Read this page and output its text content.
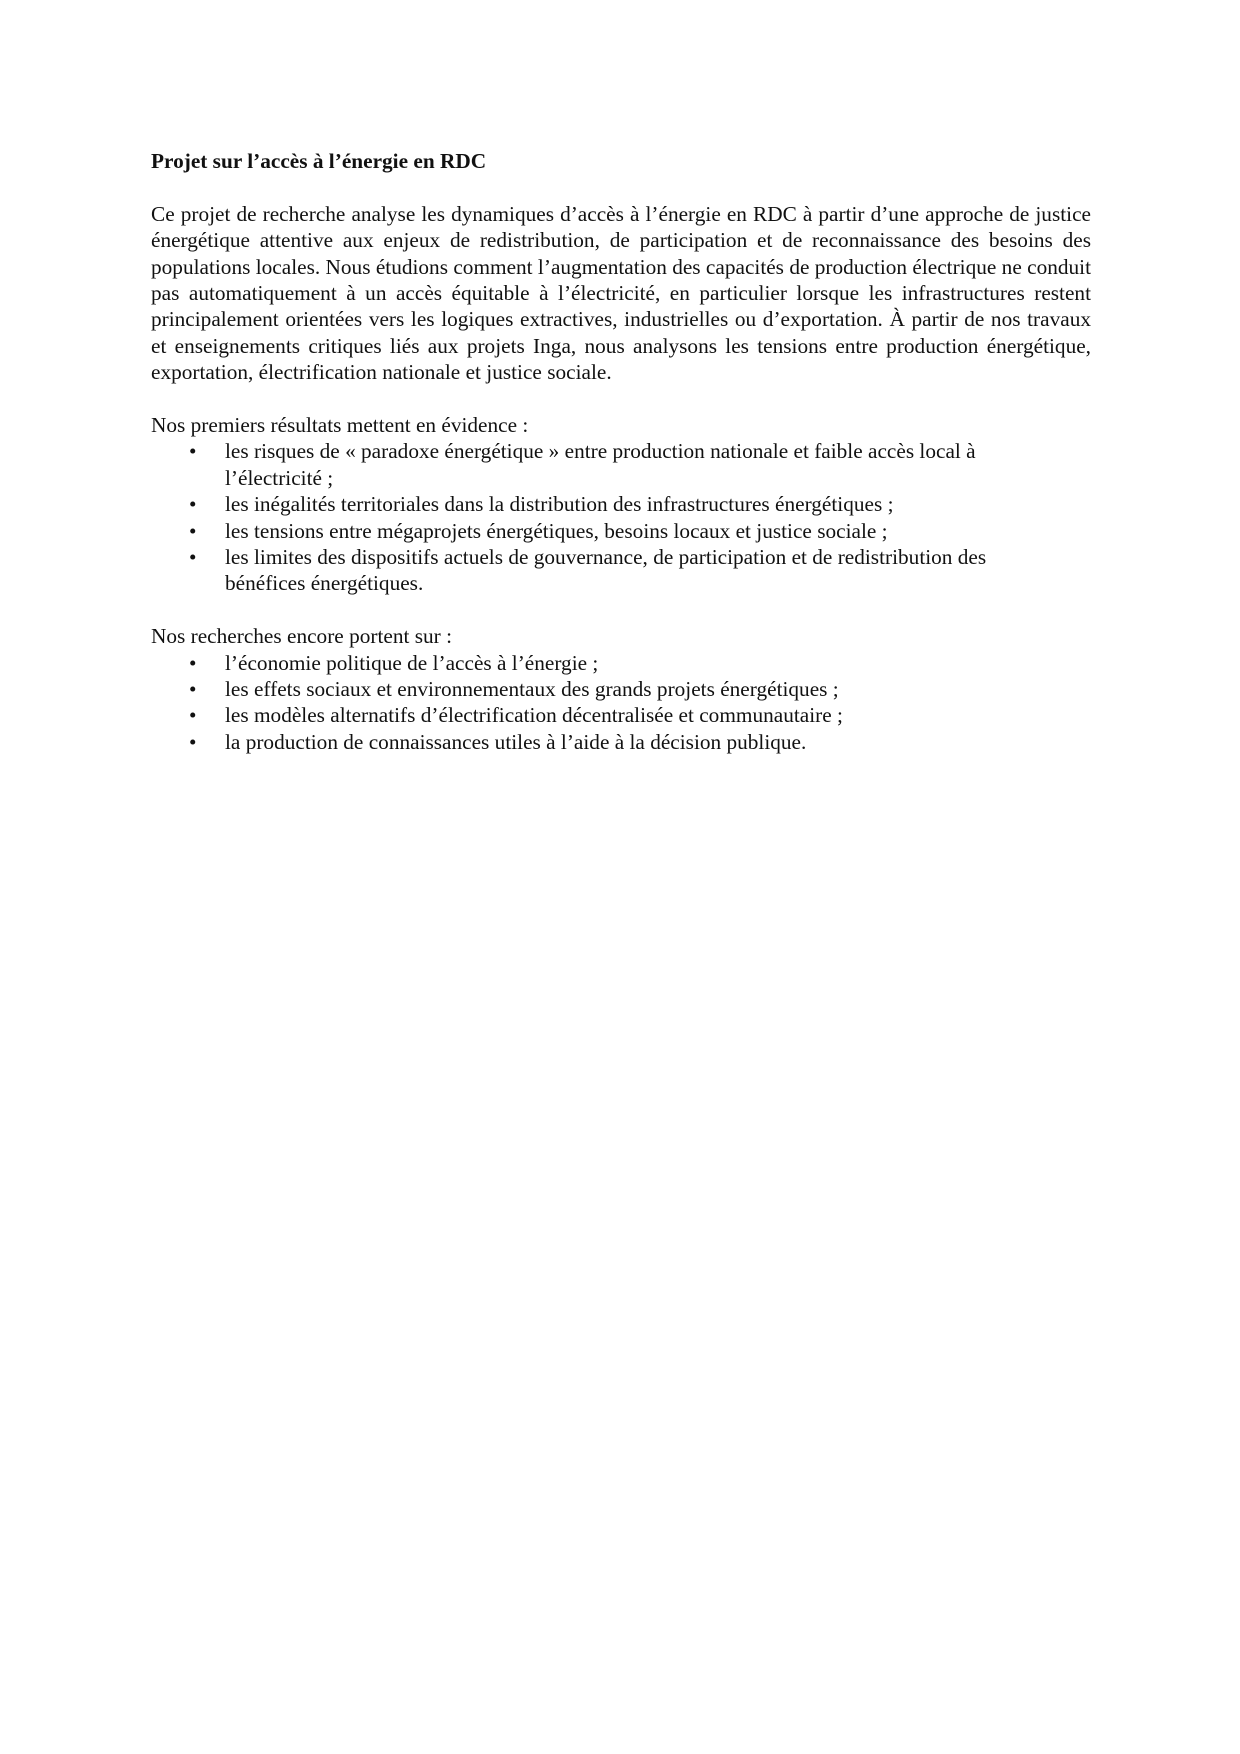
Projet sur l’accès à l’énergie en RDC

Ce projet de recherche analyse les dynamiques d’accès à l’énergie en RDC à partir d’une approche de justice énergétique attentive aux enjeux de redistribution, de participation et de reconnaissance des besoins des populations locales. Nous étudions comment l’augmentation des capacités de production électrique ne conduit pas automatiquement à un accès équitable à l’électricité, en particulier lorsque les infrastructures restent principalement orientées vers les logiques extractives, industrielles ou d’exportation. À partir de nos travaux et enseignements critiques liés aux projets Inga, nous analysons les tensions entre production énergétique, exportation, électrification nationale et justice sociale.

Nos premiers résultats mettent en évidence :

• les risques de « paradoxe énergétique » entre production nationale et faible accès local à l’électricité ;
• les inégalités territoriales dans la distribution des infrastructures énergétiques ;
• les tensions entre mégaprojets énergétiques, besoins locaux et justice sociale ;
• les limites des dispositifs actuels de gouvernance, de participation et de redistribution des bénéfices énergétiques.

Nos recherches encore portent sur :

• l’économie politique de l’accès à l’énergie ;
• les effets sociaux et environnementaux des grands projets énergétiques ;
• les modèles alternatifs d’électrification décentralisée et communautaire ;
• la production de connaissances utiles à l’aide à la décision publique.
